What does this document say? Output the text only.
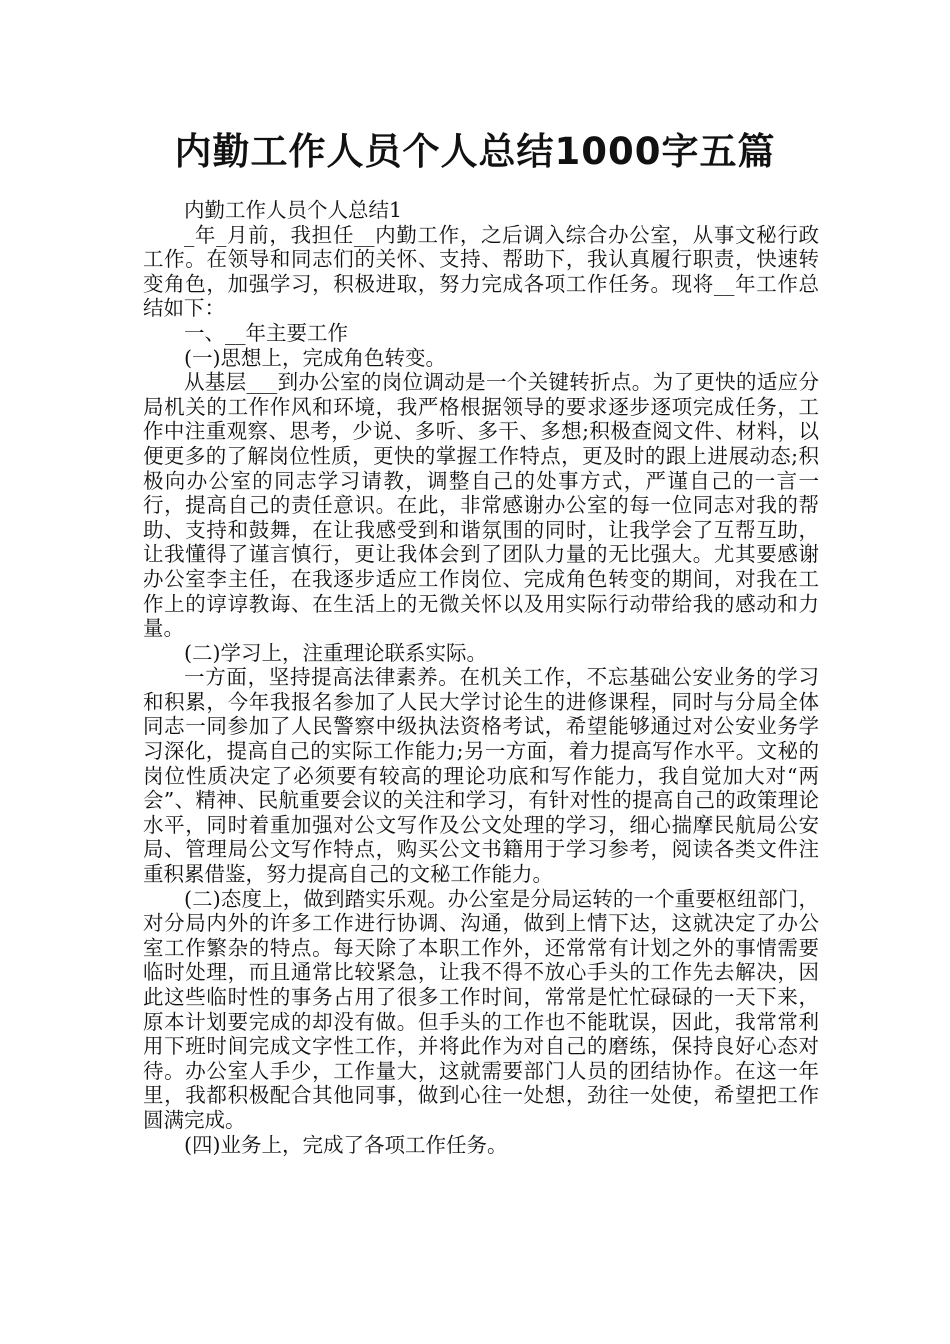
内勤工作人员个人总结1000字五篇

内勤工作人员个人总结1

_年_月前，我担任__内勤工作，之后调入综合办公室，从事文秘行政工作。在领导和同志们的关怀、支持、帮助下，我认真履行职责，快速转变角色，加强学习，积极进取，努力完成各项工作任务。现将__年工作总结如下：

一、__年主要工作

(一)思想上，完成角色转变。

从基层___到办公室的岗位调动是一个关键转折点。为了更快的适应分局机关的工作作风和环境，我严格根据领导的要求逐步逐项完成任务，工作中注重观察、思考，少说、多听、多干、多想;积极查阅文件、材料，以便更多的了解岗位性质，更快的掌握工作特点，更及时的跟上进展动态;积极向办公室的同志学习请教，调整自己的处事方式，严谨自己的一言一行，提高自己的责任意识。在此，非常感谢办公室的每一位同志对我的帮助、支持和鼓舞，在让我感受到和谐氛围的同时，让我学会了互帮互助，让我懂得了谨言慎行，更让我体会到了团队力量的无比强大。尤其要感谢办公室李主任，在我逐步适应工作岗位、完成角色转变的期间，对我在工作上的谆谆教诲、在生活上的无微关怀以及用实际行动带给我的感动和力量。

(二)学习上，注重理论联系实际。

一方面，坚持提高法律素养。在机关工作，不忘基础公安业务的学习和积累，今年我报名参加了人民大学讨论生的进修课程，同时与分局全体同志一同参加了人民警察中级执法资格考试，希望能够通过对公安业务学习深化，提高自己的实际工作能力;另一方面，着力提高写作水平。文秘的岗位性质决定了必须要有较高的理论功底和写作能力，我自觉加大对“两会”、精神、民航重要会议的关注和学习，有针对性的提高自己的政策理论水平，同时着重加强对公文写作及公文处理的学习，细心揣摩民航局公安局、管理局公文写作特点，购买公文书籍用于学习参考，阅读各类文件注重积累借鉴，努力提高自己的文秘工作能力。

(二)态度上，做到踏实乐观。办公室是分局运转的一个重要枢纽部门，对分局内外的许多工作进行协调、沟通，做到上情下达，这就决定了办公室工作繁杂的特点。每天除了本职工作外，还常常有计划之外的事情需要临时处理，而且通常比较紧急，让我不得不放心手头的工作先去解决，因此这些临时性的事务占用了很多工作时间，常常是忙忙碌碌的一天下来，原本计划要完成的却没有做。但手头的工作也不能耽误，因此，我常常利用下班时间完成文字性工作，并将此作为对自己的磨练，保持良好心态对待。办公室人手少，工作量大，这就需要部门人员的团结协作。在这一年里，我都积极配合其他同事，做到心往一处想，劲往一处使，希望把工作圆满完成。

(四)业务上，完成了各项工作任务。
